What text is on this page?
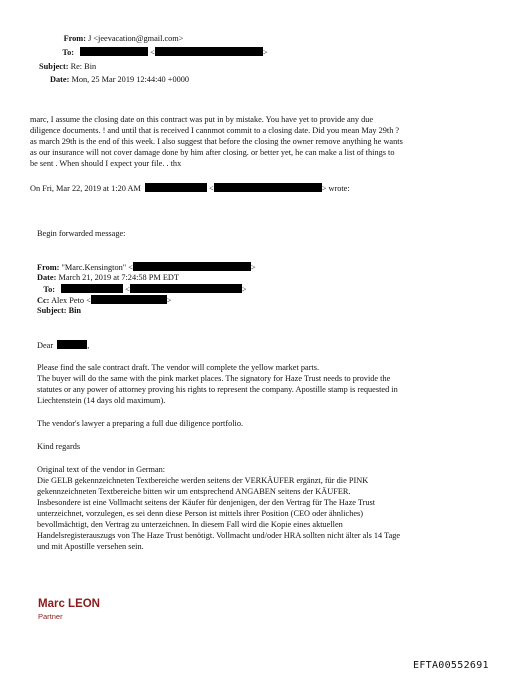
From: J <jeevacation@gmail.com>
To:	<	>
Subject: Re: Bin
Date: Mon, 25 Mar 2019 12:44:40 +0000
marc, I assume the closing date on this contract was put in by mistake. You have yet to provide any due
diligence documents. ! and until that is received I cannmot commit to a closing date. Did you mean May 29th ?
as march 29th is the end of this week. I also suggest that before the closing the owner remove anything he wants
as our insurance will not cover damage done by him after closing. or better yet, he can make a list of things to
be sent . When should I expect your file. . thx
On Fri, Mar 22, 2019 at 1:20 AM	<	> wrote:
Begin forwarded message:
From: "Marc.Kensington" <	>
Date: March 21, 2019 at 7:24:58 PM EDT
To:	<	>
Cc: Alex Peto <	>
Subject: Bin
Dear	,
Please find the sale contract draft. The vendor will complete the yellow market parts.
The buyer will do the same with the pink market places. The signatory for Haze Trust needs to provide the
statutes or any power of attorney proving his rights to represent the company. Apostille stamp is requested in
Liechtenstein (14 days old maximum).
The vendor's lawyer a preparing a full due diligence portfolio.
Kind regards
Original text of the vendor in German:
Die GELB gekennzeichneten Textbereiche werden seitens der VERKÄUFER ergänzt, für die PINK
gekennzeichneten Textbereiche bitten wir um entsprechend ANGABEN seitens der KÄUFER.
Insbesondere ist eine Vollmacht seitens der Käufer für denjenigen, der den Vertrag für The Haze Trust
unterzeichnet, vorzulegen, es sei denn diese Person ist mittels ihrer Position (CEO oder ähnliches)
bevollmächtigt, den Vertrag zu unterzeichnen. In diesem Fall wird die Kopie eines aktuellen
Handelsregisterauszugs von The Haze Trust benötigt. Vollmacht und/oder HRA sollten nicht älter als 14 Tage
und mit Apostille versehen sein.
Marc LEON
Partner
EFTA00552691
